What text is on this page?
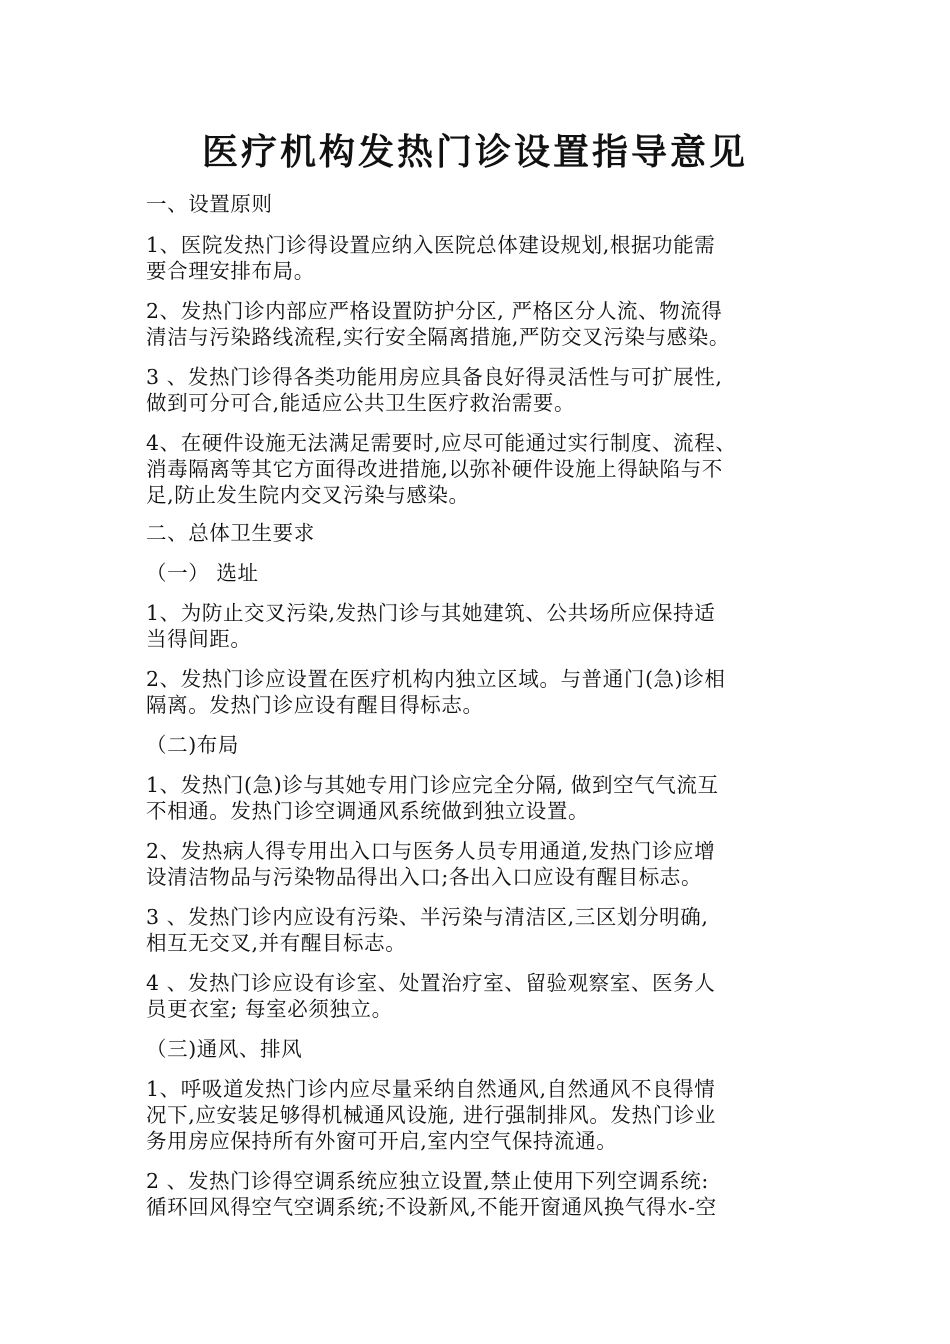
医疗机构发热门诊设置指导意见
一、设置原则
1、医院发热门诊得设置应纳入医院总体建设规划,根据功能需
要合理安排布局。
2、发热门诊内部应严格设置防护分区, 严格区分人流、物流得
清洁与污染路线流程,实行安全隔离措施,严防交叉污染与感染。
3 、发热门诊得各类功能用房应具备良好得灵活性与可扩展性,
做到可分可合,能适应公共卫生医疗救治需要。
4、在硬件设施无法满足需要时,应尽可能通过实行制度、流程、
消毒隔离等其它方面得改进措施,以弥补硬件设施上得缺陷与不
足,防止发生院内交叉污染与感染。
二、总体卫生要求
（一） 选址
1、为防止交叉污染,发热门诊与其她建筑、公共场所应保持适
当得间距。
2、发热门诊应设置在医疗机构内独立区域。与普通门(急)诊相
隔离。发热门诊应设有醒目得标志。
（二)布局
1、发热门(急)诊与其她专用门诊应完全分隔, 做到空气气流互
不相通。发热门诊空调通风系统做到独立设置。
2、发热病人得专用出入口与医务人员专用通道,发热门诊应增
设清洁物品与污染物品得出入口;各出入口应设有醒目标志。
3 、发热门诊内应设有污染、半污染与清洁区,三区划分明确,
相互无交叉,并有醒目标志。
4 、发热门诊应设有诊室、处置治疗室、留验观察室、医务人
员更衣室; 每室必须独立。
（三)通风、排风
1、呼吸道发热门诊内应尽量采纳自然通风,自然通风不良得情
况下,应安装足够得机械通风设施, 进行强制排风。发热门诊业
务用房应保持所有外窗可开启,室内空气保持流通。
2 、发热门诊得空调系统应独立设置,禁止使用下列空调系统:
循环回风得空气空调系统;不设新风,不能开窗通风换气得水-空
